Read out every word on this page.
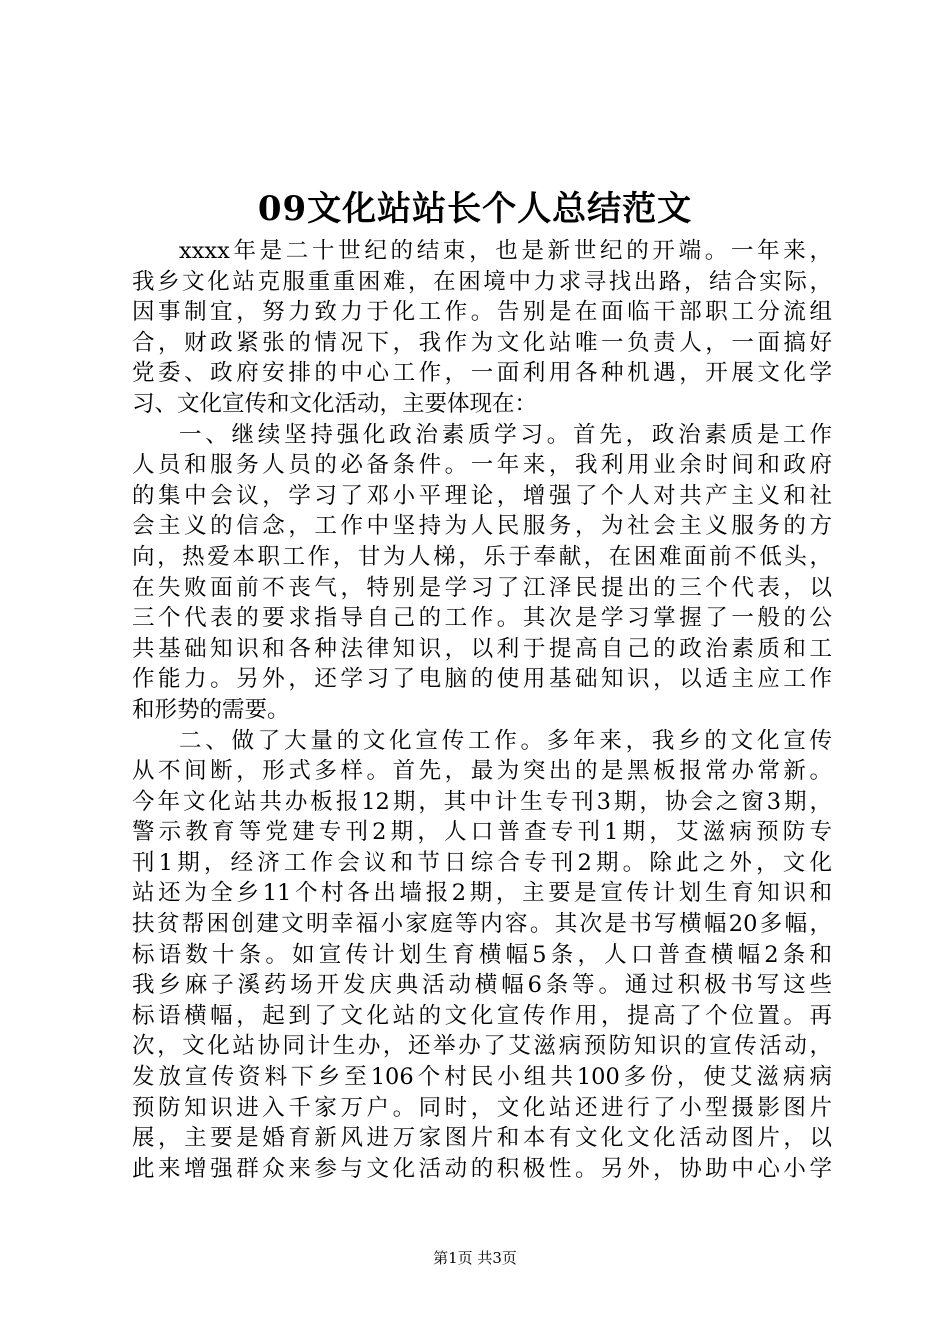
09文化站站长个人总结范文

xxxx年是二十世纪的结束，也是新世纪的开端。一年来，

我乡文化站克服重重困难，在困境中力求寻找出路，结合实际，

因事制宜，努力致力于化工作。告别是在面临干部职工分流组

合，财政紧张的情况下，我作为文化站唯一负责人，一面搞好

党委、政府安排的中心工作，一面利用各种机遇，开展文化学

习、文化宣传和文化活动，主要体现在：

一、继续坚持强化政治素质学习。首先，政治素质是工作

人员和服务人员的必备条件。一年来，我利用业余时间和政府

的集中会议，学习了邓小平理论，增强了个人对共产主义和社

会主义的信念，工作中坚持为人民服务，为社会主义服务的方

向，热爱本职工作，甘为人梯，乐于奉献，在困难面前不低头，

在失败面前不丧气，特别是学习了江泽民提出的三个代表，以

三个代表的要求指导自己的工作。其次是学习掌握了一般的公

共基础知识和各种法律知识，以利于提高自己的政治素质和工

作能力。另外，还学习了电脑的使用基础知识，以适主应工作

和形势的需要。

二、做了大量的文化宣传工作。多年来，我乡的文化宣传

从不间断，形式多样。首先，最为突出的是黑板报常办常新。

今年文化站共办板报12期，其中计生专刊3期，协会之窗3期，

警示教育等党建专刊2期，人口普查专刊1期，艾滋病预防专

刊1期，经济工作会议和节日综合专刊2期。除此之外，文化

站还为全乡11个村各出墙报2期，主要是宣传计划生育知识和

扶贫帮困创建文明幸福小家庭等内容。其次是书写横幅20多幅，

标语数十条。如宣传计划生育横幅5条，人口普查横幅2条和

我乡麻子溪药场开发庆典活动横幅6条等。通过积极书写这些

标语横幅，起到了文化站的文化宣传作用，提高了个位置。再

次，文化站协同计生办，还举办了艾滋病预防知识的宣传活动，

发放宣传资料下乡至106个村民小组共100多份，使艾滋病病

预防知识进入千家万户。同时，文化站还进行了小型摄影图片

展，主要是婚育新风进万家图片和本有文化文化活动图片，以

此来增强群众来参与文化活动的积极性。另外，协助中心小学

第1页 共3页
